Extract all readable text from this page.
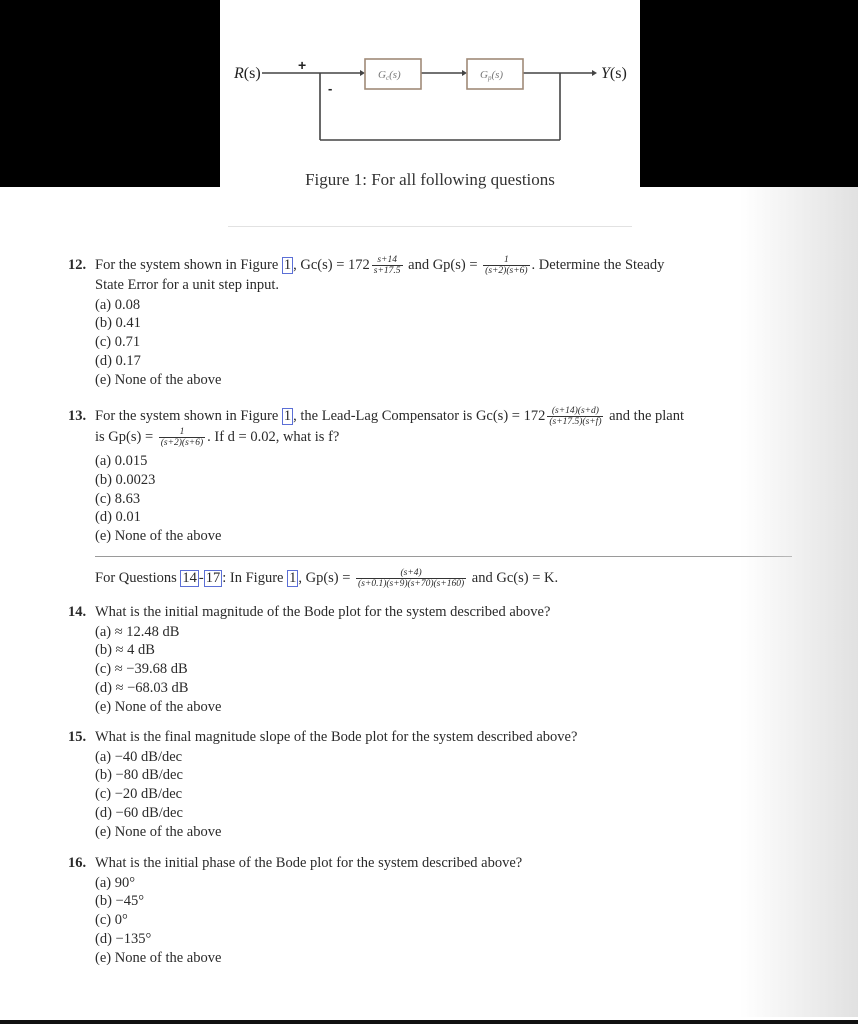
R(s)	Y(s)
+
-
Gc(s)	Gp(s)
Figure 1: For all following questions
12. For the system shown in Figure 1 , $Gc(s) = 172 \frac{s+14}{s+17.5}$ and $Gp(s) = \frac{1}{(s+2)(s+6)}$ . Determine the Steady
State Error for a unit step input.
(a) 0.08
(b) 0.41
(c) 0.71
(d) 0.17
(e) None of the above
13. For the system shown in Figure 1 , the Lead-Lag Compensator is $Gc(s) = 172 \frac{(s+14)(s+d)}{(s+17.5)(s+f)}$ and the plant
is $Gp(s) = \frac{1}{(s+2)(s+6)}$ . If d = 0.02, what is f?
(a) 0.015
(b) 0.0023
(c) 8.63
(d) 0.01
(e) None of the above
For Questions 14 - 17 : In Figure 1 , $Gp(s) = \frac{(s+4)}{(s+0.1)(s+9)(s+70)(s+160)}$ and Gc(s) = K.
14. What is the initial magnitude of the Bode plot for the system described above?
(a) ≈ 12.48 dB
(b) ≈ 4 dB
(c) ≈ −39.68 dB
(d) ≈ −68.03 dB
(e) None of the above
15. What is the final magnitude slope of the Bode plot for the system described above?
(a) −40 dB/dec
(b) −80 dB/dec
(c) −20 dB/dec
(d) −60 dB/dec
(e) None of the above
16. What is the initial phase of the Bode plot for the system described above?
(a) 90°
(b) −45°
(c) 0°
(d) −135°
(e) None of the above
